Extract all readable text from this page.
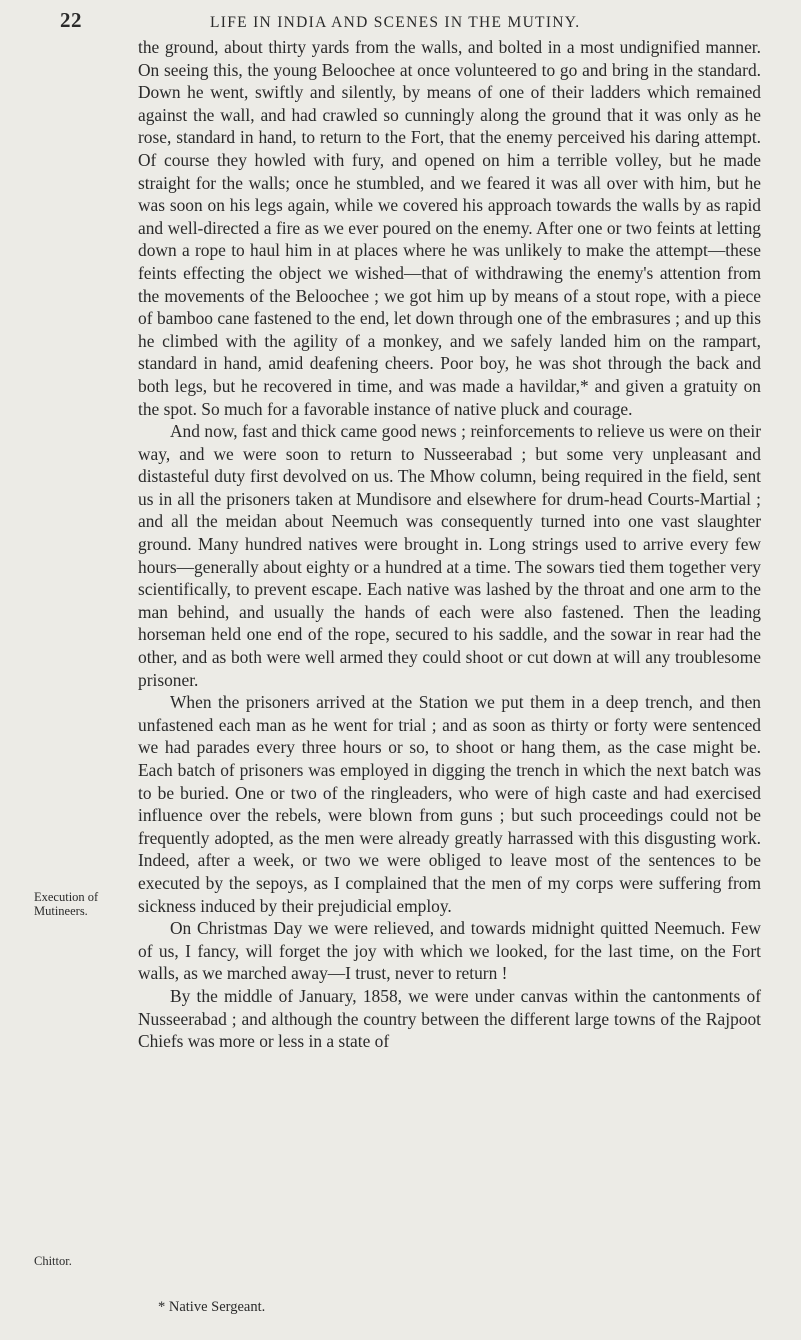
22	LIFE IN INDIA AND SCENES IN THE MUTINY.
Execution of Mutineers.
Chittor.

the ground, about thirty yards from the walls, and bolted in a most undignified manner. On seeing this, the young Beloochee at once volunteered to go and bring in the standard. Down he went, swiftly and silently, by means of one of their ladders which remained against the wall, and had crawled so cunningly along the ground that it was only as he rose, standard in hand, to return to the Fort, that the enemy perceived his daring attempt. Of course they howled with fury, and opened on him a terrible volley, but he made straight for the walls; once he stumbled, and we feared it was all over with him, but he was soon on his legs again, while we covered his approach towards the walls by as rapid and well-directed a fire as we ever poured on the enemy. After one or two feints at letting down a rope to haul him in at places where he was unlikely to make the attempt—these feints effecting the object we wished—that of withdrawing the enemy's attention from the movements of the Beloochee ; we got him up by means of a stout rope, with a piece of bamboo cane fastened to the end, let down through one of the embrasures ; and up this he climbed with the agility of a monkey, and we safely landed him on the rampart, standard in hand, amid deafening cheers. Poor boy, he was shot through the back and both legs, but he recovered in time, and was made a havildar,* and given a gratuity on the spot. So much for a favorable instance of native pluck and courage.

And now, fast and thick came good news ; reinforcements to relieve us were on their way, and we were soon to return to Nusseerabad ; but some very unpleasant and distasteful duty first devolved on us. The Mhow column, being required in the field, sent us in all the prisoners taken at Mundisore and elsewhere for drum-head Courts-Martial ; and all the meidan about Neemuch was consequently turned into one vast slaughter ground. Many hundred natives were brought in. Long strings used to arrive every few hours—generally about eighty or a hundred at a time. The sowars tied them together very scientifically, to prevent escape. Each native was lashed by the throat and one arm to the man behind, and usually the hands of each were also fastened. Then the leading horseman held one end of the rope, secured to his saddle, and the sowar in rear had the other, and as both were well armed they could shoot or cut down at will any troublesome prisoner.

When the prisoners arrived at the Station we put them in a deep trench, and then unfastened each man as he went for trial ; and as soon as thirty or forty were sentenced we had parades every three hours or so, to shoot or hang them, as the case might be. Each batch of prisoners was employed in digging the trench in which the next batch was to be buried. One or two of the ringleaders, who were of high caste and had exercised influence over the rebels, were blown from guns ; but such proceedings could not be frequently adopted, as the men were already greatly harrassed with this disgusting work. Indeed, after a week, or two we were obliged to leave most of the sentences to be executed by the sepoys, as I complained that the men of my corps were suffering from sickness induced by their prejudicial employ.

On Christmas Day we were relieved, and towards midnight quitted Neemuch. Few of us, I fancy, will forget the joy with which we looked, for the last time, on the Fort walls, as we marched away—I trust, never to return !

By the middle of January, 1858, we were under canvas within the cantonments of Nusseerabad ; and although the country between the different large towns of the Rajpoot Chiefs was more or less in a state of

* Native Sergeant.
